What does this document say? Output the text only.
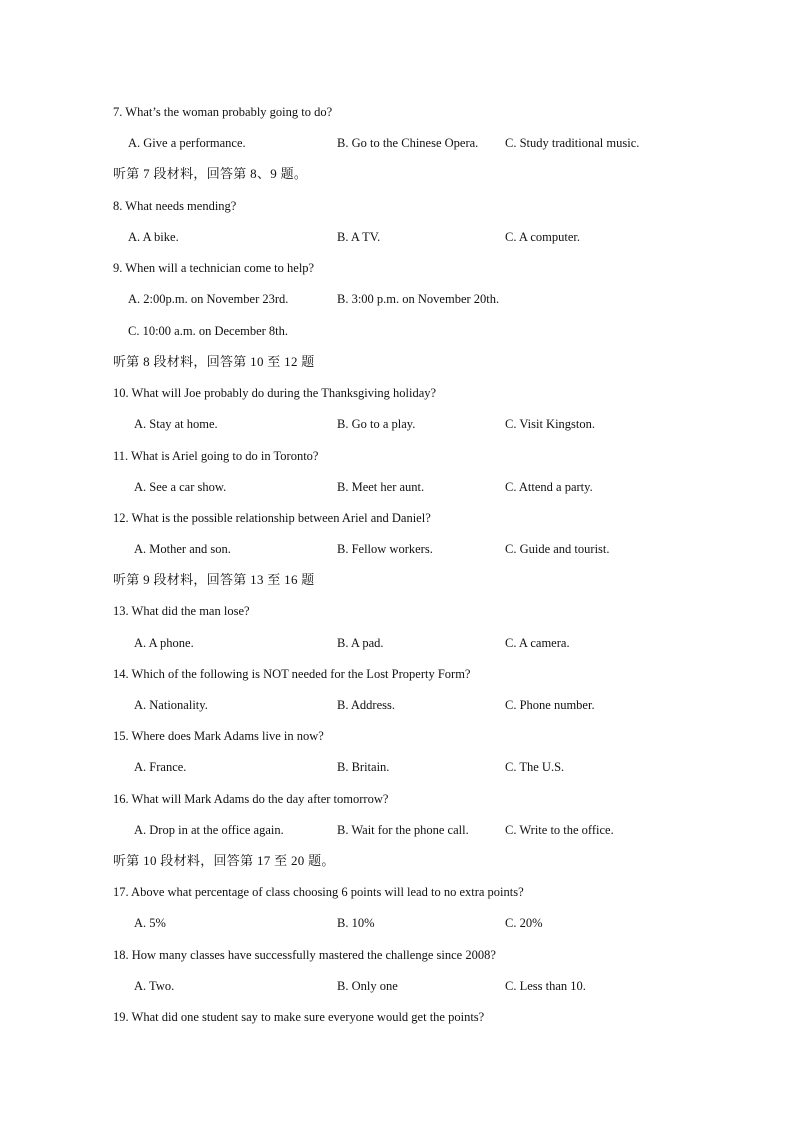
7. What’s the woman probably going to do?
A. Give a performance.	B. Go to the Chinese Opera. C. Study traditional music.
听第 7 段材料，回答第 8、9 题。
8. What needs mending?
A. A bike.	B. A TV.	C. A computer.
9. When will a technician come to help?
A. 2:00p.m. on November 23rd.	B. 3:00 p.m. on November 20th.
C. 10:00 a.m. on December 8th.
听第 8 段材料，回答第 10 至 12 题
10. What will Joe probably do during the Thanksgiving holiday?
A. Stay at home.	B. Go to a play.	C. Visit Kingston.
11. What is Ariel going to do in Toronto?
A. See a car show.	B. Meet her aunt.	C. Attend a party.
12. What is the possible relationship between Ariel and Daniel?
A. Mother and son.	B. Fellow workers.	C. Guide and tourist.
听第 9 段材料，回答第 13 至 16 题
13. What did the man lose?
A. A phone.	B. A pad.	C. A camera.
14. Which of the following is NOT needed for the Lost Property Form?
A. Nationality.	B. Address.	C. Phone number.
15. Where does Mark Adams live in now?
A. France.	B. Britain.	C. The U.S.
16. What will Mark Adams do the day after tomorrow?
A. Drop in at the office again.	B. Wait for the phone call.	C. Write to the office.
听第 10 段材料，回答第 17 至 20 题。
17. Above what percentage of class choosing 6 points will lead to no extra points?
A. 5%	B. 10%	C. 20%
18. How many classes have successfully mastered the challenge since 2008?
A. Two.	B. Only one	C. Less than 10.
19. What did one student say to make sure everyone would get the points?
